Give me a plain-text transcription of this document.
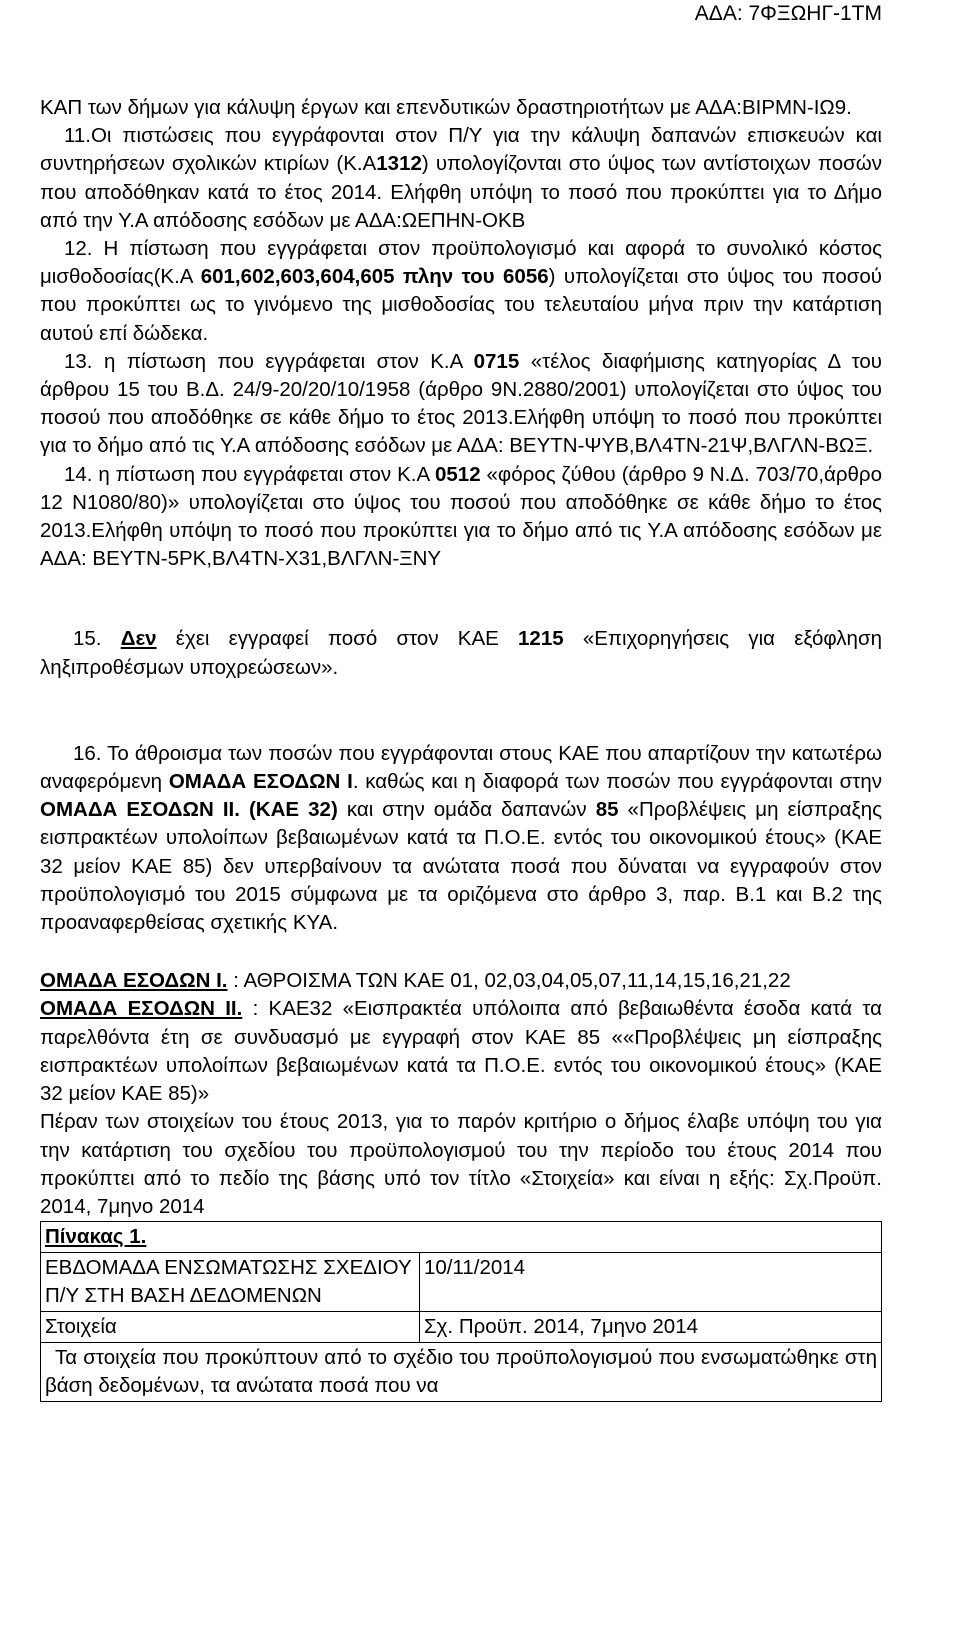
ΑΔΑ: 7ΦΞΩΗΓ-1ΤΜ

ΚΑΠ των δήμων για κάλυψη έργων και επενδυτικών δραστηριοτήτων με ΑΔΑ:ΒΙΡΜΝ-ΙΩ9.

11.Οι πιστώσεις που εγγράφονται στον Π/Υ για την κάλυψη δαπανών επισκευών και συντηρήσεων σχολικών κτιρίων (Κ.Α1312) υπολογίζονται στο ύψος των αντίστοιχων ποσών που αποδόθηκαν κατά το έτος 2014. Ελήφθη υπόψη το ποσό που προκύπτει για το Δήμο από την Υ.Α απόδοσης εσόδων με ΑΔΑ:ΩΕΠΗΝ-ΟΚΒ

12. Η πίστωση που εγγράφεται στον προϋπολογισμό και αφορά το συνολικό κόστος μισθοδοσίας(Κ.Α 601,602,603,604,605 πλην του 6056) υπολογίζεται στο ύψος του ποσού που προκύπτει ως το γινόμενο της μισθοδοσίας του τελευταίου μήνα πριν την κατάρτιση αυτού επί δώδεκα.

13. η πίστωση που εγγράφεται στον Κ.Α 0715 «τέλος διαφήμισης κατηγορίας Δ του άρθρου 15 του Β.Δ. 24/9-20/20/10/1958 (άρθρο 9Ν.2880/2001) υπολογίζεται στο ύψος του ποσού που αποδόθηκε σε κάθε δήμο το έτος 2013.Ελήφθη υπόψη το ποσό που προκύπτει για το δήμο από τις Υ.Α απόδοσης εσόδων με ΑΔΑ: ΒΕΥΤΝ-ΨΥΒ,ΒΛ4ΤΝ-21Ψ,ΒΛΓΛΝ-ΒΩΞ.

14. η πίστωση που εγγράφεται στον Κ.Α 0512 «φόρος ζύθου (άρθρο 9 Ν.Δ. 703/70,άρθρο 12 Ν1080/80)» υπολογίζεται στο ύψος του ποσού που αποδόθηκε σε κάθε δήμο το έτος 2013.Ελήφθη υπόψη το ποσό που προκύπτει για το δήμο από τις Υ.Α απόδοσης εσόδων με ΑΔΑ: ΒΕΥΤΝ-5ΡΚ,ΒΛ4ΤΝ-Χ31,ΒΛΓΛΝ-ΞΝΥ

15. Δεν έχει εγγραφεί ποσό στον ΚΑΕ 1215 «Επιχορηγήσεις για εξόφληση ληξιπροθέσμων υποχρεώσεων».

16. Το άθροισμα των ποσών που εγγράφονται στους ΚΑΕ που απαρτίζουν την κατωτέρω αναφερόμενη ΟΜΑΔΑ ΕΣΟΔΩΝ Ι. καθώς και η διαφορά των ποσών που εγγράφονται στην ΟΜΑΔΑ ΕΣΟΔΩΝ ΙΙ. (ΚΑΕ 32) και στην ομάδα δαπανών 85 «Προβλέψεις μη είσπραξης εισπρακτέων υπολοίπων βεβαιωμένων κατά τα Π.Ο.Ε. εντός του οικονομικού έτους» (ΚΑΕ 32 μείον ΚΑΕ 85) δεν υπερβαίνουν τα ανώτατα ποσά που δύναται να εγγραφούν στον προϋπολογισμό του 2015 σύμφωνα με τα οριζόμενα στο άρθρο 3, παρ. Β.1 και Β.2 της προαναφερθείσας σχετικής ΚΥΑ.

ΟΜΑΔΑ ΕΣΟΔΩΝ Ι. : ΑΘΡΟΙΣΜΑ ΤΩΝ ΚΑΕ 01, 02,03,04,05,07,11,14,15,16,21,22

ΟΜΑΔΑ ΕΣΟΔΩΝ ΙΙ. : ΚΑΕ32 «Εισπρακτέα υπόλοιπα από βεβαιωθέντα έσοδα κατά τα παρελθόντα έτη σε συνδυασμό με εγγραφή στον ΚΑΕ 85 ««Προβλέψεις μη είσπραξης εισπρακτέων υπολοίπων βεβαιωμένων κατά τα Π.Ο.Ε. εντός του οικονομικού έτους» (ΚΑΕ 32 μείον ΚΑΕ 85)»

Πέραν των στοιχείων του έτους 2013, για το παρόν κριτήριο ο δήμος έλαβε υπόψη του για την κατάρτιση του σχεδίου του προϋπολογισμού του την περίοδο του έτους 2014 που προκύπτει από το πεδίο της βάσης υπό τον τίτλο «Στοιχεία» και είναι η εξής: Σχ.Προϋπ. 2014, 7μηνο 2014

Πίνακας 1.	
ΕΒΔΟΜΑΔΑ ΕΝΣΩΜΑΤΩΣΗΣ ΣΧΕΔΙΟΥ Π/Υ ΣΤΗ ΒΑΣΗ ΔΕΔΟΜΕΝΩΝ	10/11/2014
Στοιχεία	Σχ. Προϋπ. 2014, 7μηνο 2014
Τα στοιχεία που προκύπτουν από το σχέδιο του προϋπολογισμού που ενσωματώθηκε στη βάση δεδομένων, τα ανώτατα ποσά που να	
